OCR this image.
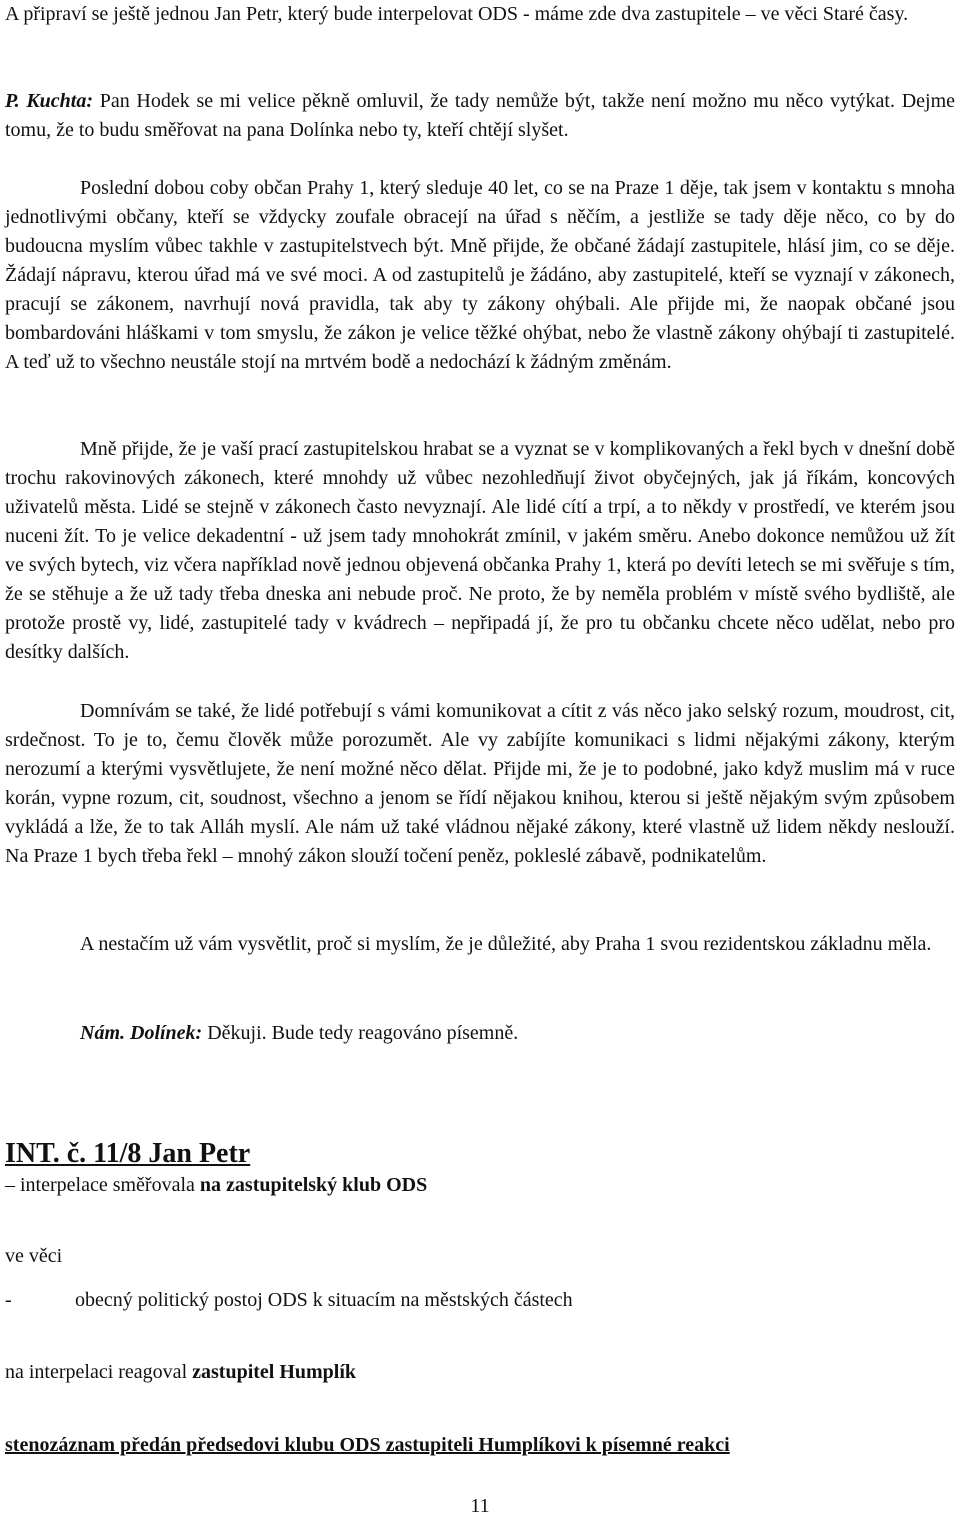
A připraví se ještě jednou Jan Petr, který bude interpelovat ODS - máme zde dva zastupitele – ve věci Staré časy.

P. Kuchta: Pan Hodek se mi velice pěkně omluvil, že tady nemůže být, takže není možno mu něco vytýkat. Dejme tomu, že to budu směřovat na pana Dolínka nebo ty, kteří chtějí slyšet.

Poslední dobou coby občan Prahy 1, který sleduje 40 let, co se na Praze 1 děje, tak jsem v kontaktu s mnoha jednotlivými občany, kteří se vždycky zoufale obracejí na úřad s něčím, a jestliže se tady děje něco, co by do budoucna myslím vůbec takhle v zastupitelstvech být. Mně přijde, že občané žádají zastupitele, hlásí jim, co se děje. Žádají nápravu, kterou úřad má ve své moci. A od zastupitelů je žádáno, aby zastupitelé, kteří se vyznají v zákonech, pracují se zákonem, navrhují nová pravidla, tak aby ty zákony ohýbali. Ale přijde mi, že naopak občané jsou bombardováni hláškami v tom smyslu, že zákon je velice těžké ohýbat, nebo že vlastně zákony ohýbají ti zastupitelé. A teď už to všechno neustále stojí na mrtvém bodě a nedochází k žádným změnám.

Mně přijde, že je vaší prací zastupitelskou hrabat se a vyznat se v komplikovaných a řekl bych v dnešní době trochu rakovinových zákonech, které mnohdy už vůbec nezohledňují život obyčejných, jak já říkám, koncových uživatelů města. Lidé se stejně v zákonech často nevyznají. Ale lidé cítí a trpí, a to někdy v prostředí, ve kterém jsou nuceni žít. To je velice dekadentní - už jsem tady mnohokrát zmínil, v jakém směru. Anebo dokonce nemůžou už žít ve svých bytech, viz včera například nově jednou objevená občanka Prahy 1, která po devíti letech se mi svěřuje s tím, že se stěhuje a že už tady třeba dneska ani nebude proč. Ne proto, že by neměla problém v místě svého bydliště, ale protože prostě vy, lidé, zastupitelé tady v kvádrech – nepřipadá jí, že pro tu občanku chcete něco udělat, nebo pro desítky dalších.

Domnívám se také, že lidé potřebují s vámi komunikovat a cítit z vás něco jako selský rozum, moudrost, cit, srdečnost. To je to, čemu člověk může porozumět. Ale vy zabíjíte komunikaci s lidmi nějakými zákony, kterým nerozumí a kterými vysvětlujete, že není možné něco dělat. Přijde mi, že je to podobné, jako když muslim má v ruce korán, vypne rozum, cit, soudnost, všechno a jenom se řídí nějakou knihou, kterou si ještě nějakým svým způsobem vykládá a lže, že to tak Alláh myslí. Ale nám už také vládnou nějaké zákony, které vlastně už lidem někdy neslouží. Na Praze 1 bych třeba řekl – mnohý zákon slouží točení peněz, pokleslé zábavě, podnikatelům.

A nestačím už vám vysvětlit, proč si myslím, že je důležité, aby Praha 1 svou rezidentskou základnu měla.

Nám. Dolínek: Děkuji. Bude tedy reagováno písemně.

INT. č. 11/8 Jan Petr

– interpelace směřovala na zastupitelský klub ODS

ve věci

-	obecný politický postoj ODS k situacím na městských částech

na interpelaci reagoval zastupitel Humplík

stenozáznam předán předsedovi klubu ODS zastupiteli Humplíkovi k písemné reakci

11
